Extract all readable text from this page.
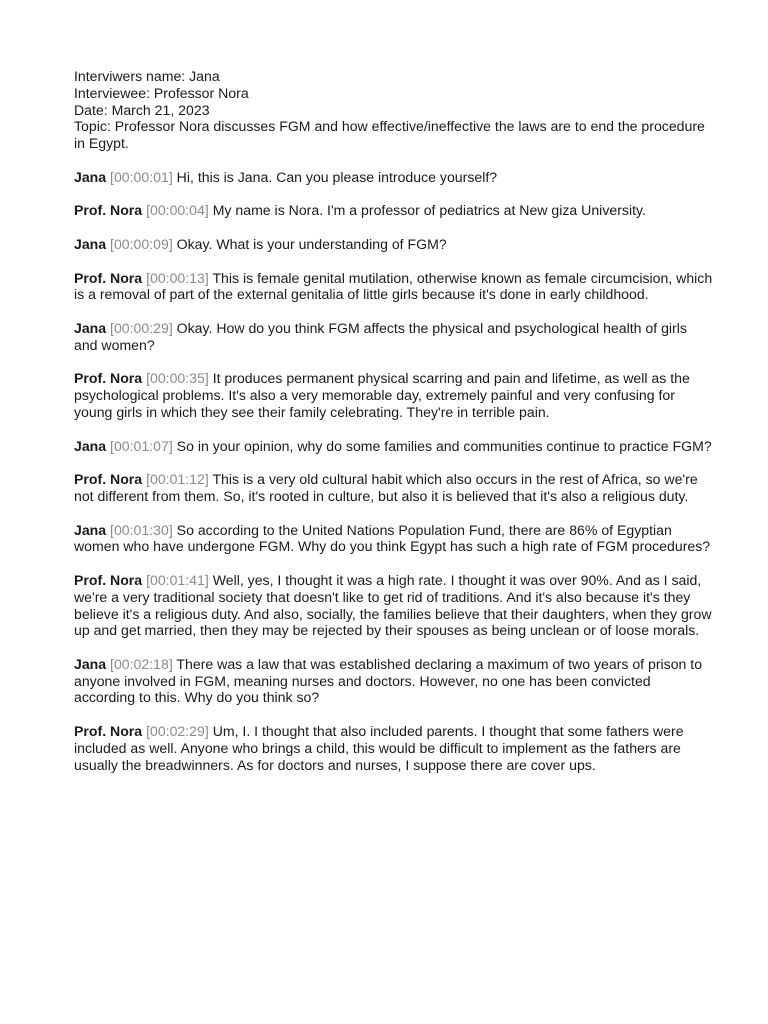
Interviwers name: Jana

Interviewee: Professor Nora

Date: March 21, 2023

Topic: Professor Nora discusses FGM and how effective/ineffective the laws are to end the procedure in Egypt.

Jana [00:00:01] Hi, this is Jana. Can you please introduce yourself?

Prof. Nora [00:00:04] My name is Nora. I'm a professor of pediatrics at New giza University.

Jana [00:00:09] Okay. What is your understanding of FGM?

Prof. Nora [00:00:13] This is female genital mutilation, otherwise known as female circumcision, which is a removal of part of the external genitalia of little girls because it's done in early childhood.

Jana [00:00:29] Okay. How do you think FGM affects the physical and psychological health of girls and women?

Prof. Nora [00:00:35] It produces permanent physical scarring and pain and lifetime, as well as the psychological problems. It's also a very memorable day, extremely painful and very confusing for young girls in which they see their family celebrating. They're in terrible pain.

Jana [00:01:07] So in your opinion, why do some families and communities continue to practice FGM?

Prof. Nora [00:01:12] This is a very old cultural habit which also occurs in the rest of Africa, so we're not different from them. So, it's rooted in culture, but also it is believed that it's also a religious duty.

Jana [00:01:30] So according to the United Nations Population Fund, there are 86% of Egyptian women who have undergone FGM. Why do you think Egypt has such a high rate of FGM procedures?

Prof. Nora [00:01:41] Well, yes, I thought it was a high rate. I thought it was over 90%. And as I said, we're a very traditional society that doesn't like to get rid of traditions. And it's also because it's they believe it's a religious duty. And also, socially, the families believe that their daughters, when they grow up and get married, then they may be rejected by their spouses as being unclean or of loose morals.

Jana [00:02:18] There was a law that was established declaring a maximum of two years of prison to anyone involved in FGM, meaning nurses and doctors. However, no one has been convicted according to this. Why do you think so?

Prof. Nora [00:02:29] Um, I. I thought that also included parents. I thought that some fathers were included as well. Anyone who brings a child, this would be difficult to implement as the fathers are usually the breadwinners. As for doctors and nurses, I suppose there are cover ups.
